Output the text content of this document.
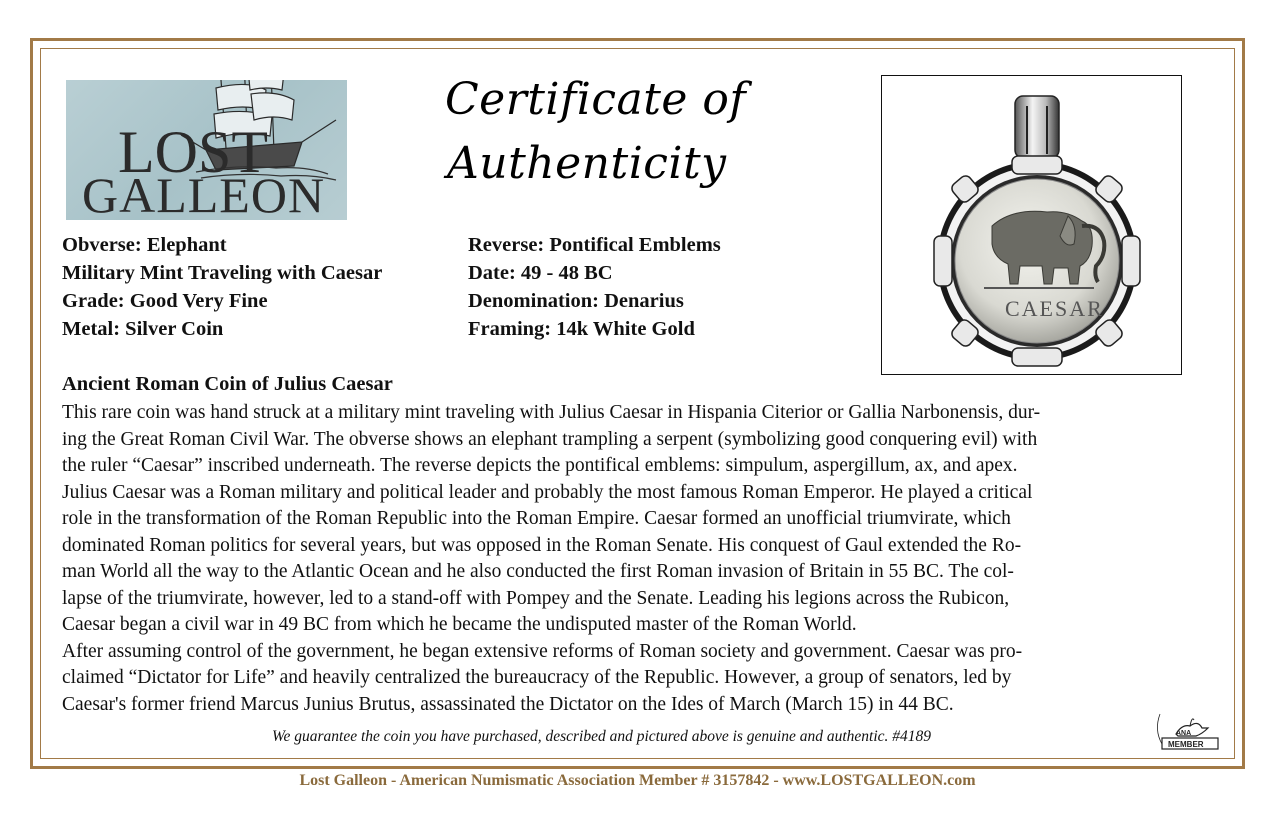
LOST
GALLEON
Certificate of
Authenticity
CAESAR
Obverse: Elephant
Military Mint Traveling with Caesar
Grade: Good Very Fine
Metal: Silver Coin
Reverse: Pontifical Emblems
Date: 49 - 48 BC
Denomination: Denarius
Framing: 14k White Gold
Ancient Roman Coin of Julius Caesar
This rare coin was hand struck at a military mint traveling with Julius Caesar in Hispania Citerior or Gallia Narbonensis, dur-
ing the Great Roman Civil War. The obverse shows an elephant trampling a serpent (symbolizing good conquering evil) with
the ruler “Caesar” inscribed underneath. The reverse depicts the pontifical emblems: simpulum, aspergillum, ax, and apex.
Julius Caesar was a Roman military and political leader and probably the most famous Roman Emperor. He played a critical
role in the transformation of the Roman Republic into the Roman Empire. Caesar formed an unofficial triumvirate, which
dominated Roman politics for several years, but was opposed in the Roman Senate. His conquest of Gaul extended the Ro-
man World all the way to the Atlantic Ocean and he also conducted the first Roman invasion of Britain in 55 BC. The col-
lapse of the triumvirate, however, led to a stand-off with Pompey and the Senate. Leading his legions across the Rubicon,
Caesar began a civil war in 49 BC from which he became the undisputed master of the Roman World.
After assuming control of the government, he began extensive reforms of Roman society and government. Caesar was pro-
claimed “Dictator for Life” and heavily centralized the bureaucracy of the Republic. However, a group of senators, led by
Caesar's former friend Marcus Junius Brutus, assassinated the Dictator on the Ides of March (March 15) in 44 BC.
We guarantee the coin you have purchased, described and pictured above is genuine and authentic. #4189	ANA
MEMBER
Lost Galleon - American Numismatic Association Member # 3157842 - www.LOSTGALLEON.com
